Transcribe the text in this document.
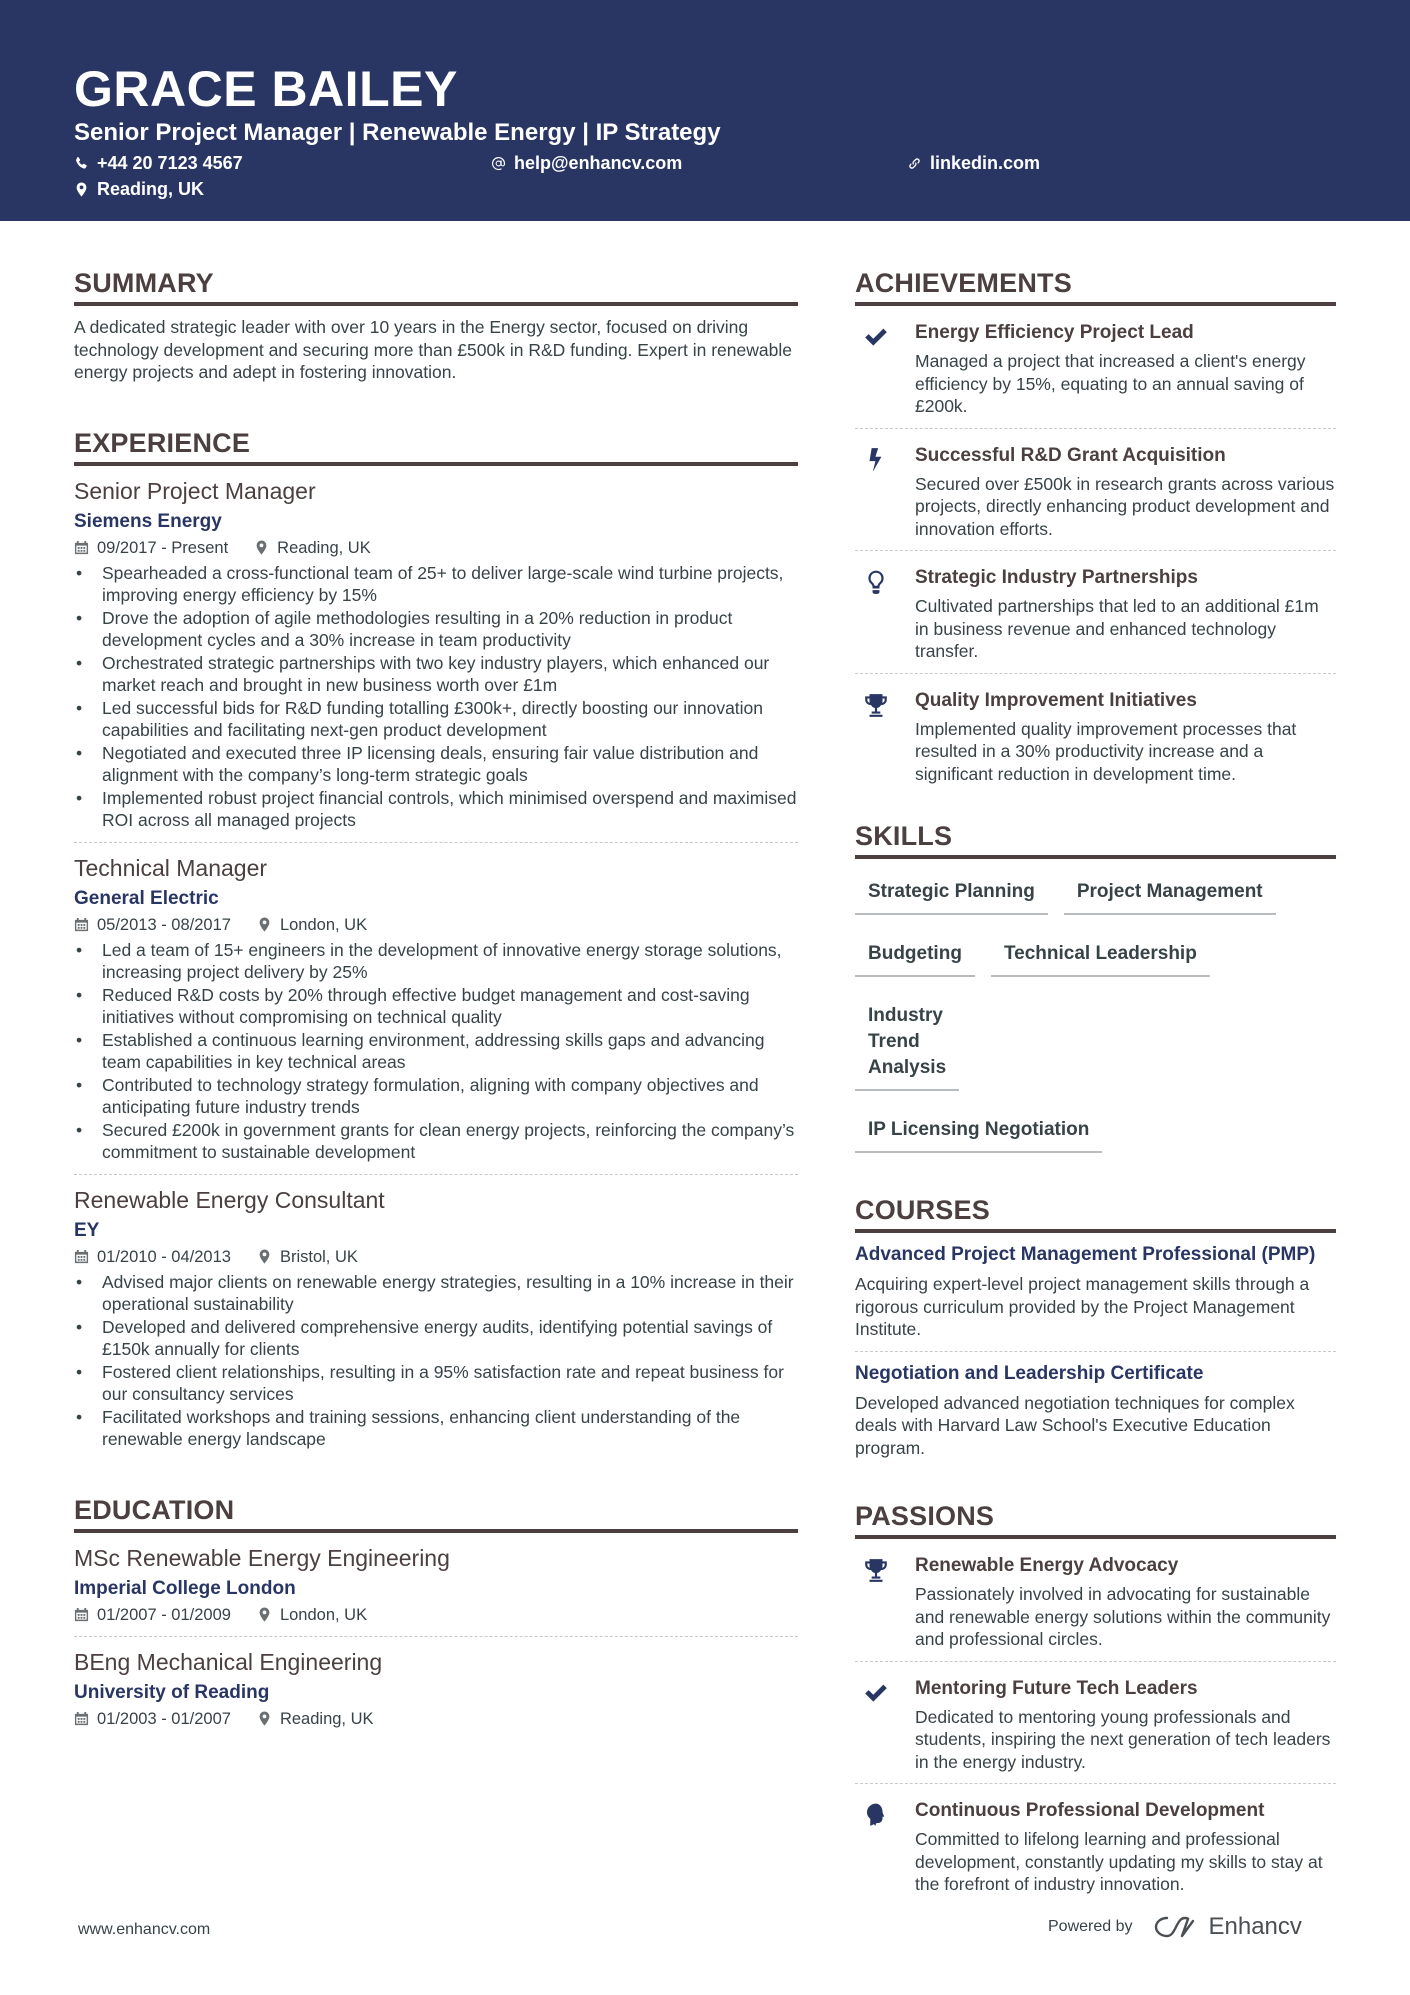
GRACE BAILEY
Senior Project Manager | Renewable Energy | IP Strategy
+44 20 7123 4567	help@enhancv.com	linkedin.com
Reading, UK
SUMMARY

A dedicated strategic leader with over 10 years in the Energy sector, focused on driving technology development and securing more than £500k in R&D funding. Expert in renewable energy projects and adept in fostering innovation.

EXPERIENCE
Senior Project Manager
Siemens Energy
09/2017 - Present	Reading, UK
• Spearheaded a cross-functional team of 25+ to deliver large-scale wind turbine projects, improving energy efficiency by 15%
• Drove the adoption of agile methodologies resulting in a 20% reduction in product development cycles and a 30% increase in team productivity
• Orchestrated strategic partnerships with two key industry players, which enhanced our market reach and brought in new business worth over £1m
• Led successful bids for R&D funding totalling £300k+, directly boosting our innovation capabilities and facilitating next-gen product development
• Negotiated and executed three IP licensing deals, ensuring fair value distribution and alignment with the company’s long-term strategic goals
• Implemented robust project financial controls, which minimised overspend and maximised ROI across all managed projects
Technical Manager
General Electric
05/2013 - 08/2017	London, UK
• Led a team of 15+ engineers in the development of innovative energy storage solutions, increasing project delivery by 25%
• Reduced R&D costs by 20% through effective budget management and cost-saving initiatives without compromising on technical quality
• Established a continuous learning environment, addressing skills gaps and advancing team capabilities in key technical areas
• Contributed to technology strategy formulation, aligning with company objectives and anticipating future industry trends
• Secured £200k in government grants for clean energy projects, reinforcing the company’s commitment to sustainable development
Renewable Energy Consultant
EY
01/2010 - 04/2013	Bristol, UK
• Advised major clients on renewable energy strategies, resulting in a 10% increase in their operational sustainability
• Developed and delivered comprehensive energy audits, identifying potential savings of £150k annually for clients
• Fostered client relationships, resulting in a 95% satisfaction rate and repeat business for our consultancy services
• Facilitated workshops and training sessions, enhancing client understanding of the renewable energy landscape
EDUCATION
MSc Renewable Energy Engineering
Imperial College London
01/2007 - 01/2009	London, UK
BEng Mechanical Engineering
University of Reading
01/2003 - 01/2007	Reading, UK
ACHIEVEMENTS
Energy Efficiency Project Lead
Managed a project that increased a client's energy efficiency by 15%, equating to an annual saving of £200k.
Successful R&D Grant Acquisition
Secured over £500k in research grants across various projects, directly enhancing product development and innovation efforts.
Strategic Industry Partnerships
Cultivated partnerships that led to an additional £1m in business revenue and enhanced technology transfer.
Quality Improvement Initiatives
Implemented quality improvement processes that resulted in a 30% productivity increase and a significant reduction in development time.
SKILLS
Strategic Planning	Project Management
Budgeting	Technical Leadership
Industry Trend Analysis
IP Licensing Negotiation
COURSES
Advanced Project Management Professional (PMP)
Acquiring expert-level project management skills through a rigorous curriculum provided by the Project Management Institute.
Negotiation and Leadership Certificate
Developed advanced negotiation techniques for complex deals with Harvard Law School's Executive Education program.
PASSIONS
Renewable Energy Advocacy
Passionately involved in advocating for sustainable and renewable energy solutions within the community and professional circles.
Mentoring Future Tech Leaders
Dedicated to mentoring young professionals and students, inspiring the next generation of tech leaders in the energy industry.
Continuous Professional Development
Committed to lifelong learning and professional development, constantly updating my skills to stay at the forefront of industry innovation.
www.enhancv.com	Powered by	Enhancv
